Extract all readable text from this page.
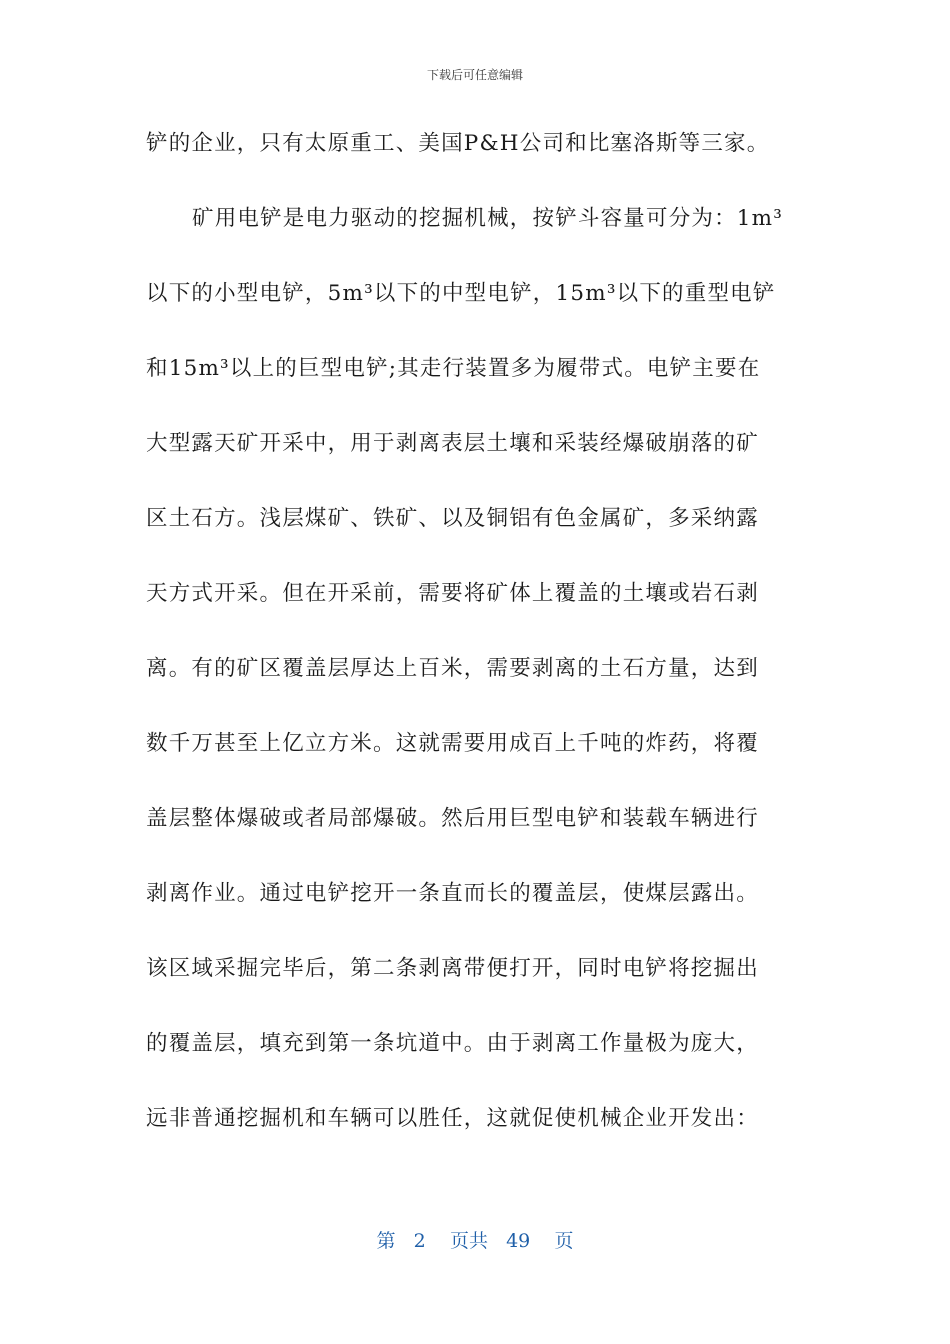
下载后可任意编辑
铲的企业，只有太原重工、美国P&H公司和比塞洛斯等三家。
矿用电铲是电力驱动的挖掘机械，按铲斗容量可分为：1m³
以下的小型电铲，5m³以下的中型电铲，15m³以下的重型电铲
和15m³以上的巨型电铲;其走行装置多为履带式。电铲主要在
大型露天矿开采中，用于剥离表层土壤和采装经爆破崩落的矿
区土石方。浅层煤矿、铁矿、以及铜铝有色金属矿，多采纳露
天方式开采。但在开采前，需要将矿体上覆盖的土壤或岩石剥
离。有的矿区覆盖层厚达上百米，需要剥离的土石方量，达到
数千万甚至上亿立方米。这就需要用成百上千吨的炸药，将覆
盖层整体爆破或者局部爆破。然后用巨型电铲和装载车辆进行
剥离作业。通过电铲挖开一条直而长的覆盖层，使煤层露出。
该区域采掘完毕后，第二条剥离带便打开，同时电铲将挖掘出
的覆盖层，填充到第一条坑道中。由于剥离工作量极为庞大，
远非普通挖掘机和车辆可以胜任，这就促使机械企业开发出：
第 2 页共 49 页
